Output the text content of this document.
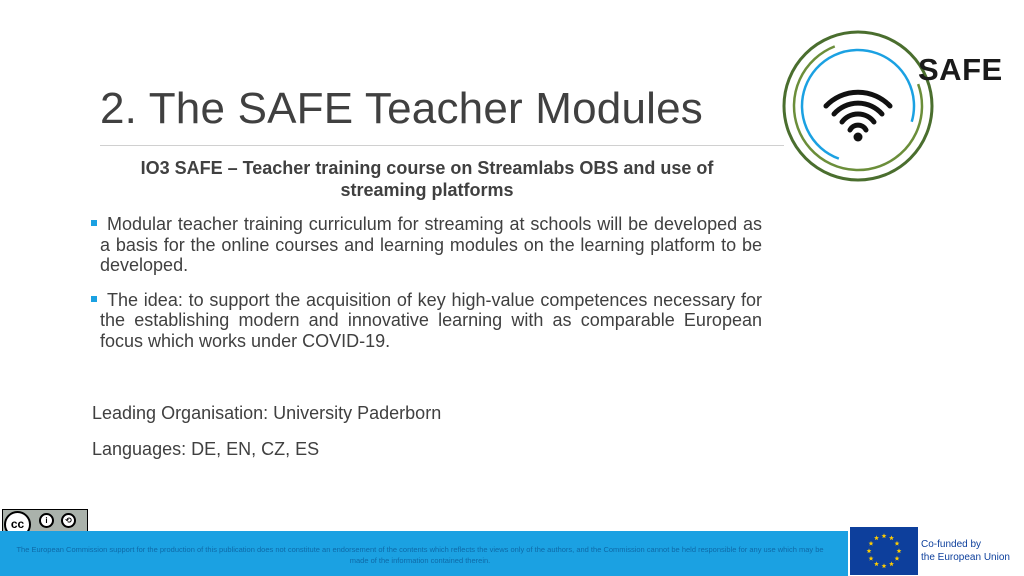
2. The SAFE Teacher Modules
IO3 SAFE – Teacher training course on Streamlabs OBS and use of streaming platforms
Modular teacher training curriculum for streaming at schools will be developed as a basis for the online courses and learning modules on the learning platform to be developed.
The idea: to support the acquisition of key high-value competences necessary for the establishing modern and innovative learning with as comparable European focus which works under COVID-19.
Leading Organisation: University Paderborn
Languages: DE, EN, CZ, ES
SAFE
cc	i	⟲
The European Commission support for the production of this publication does not constitute an endorsement of the contents which reflects the views only of the authors, and the Commission cannot be held responsible for any use which may be made of the information contained therein.
Co-funded by
the European Union
